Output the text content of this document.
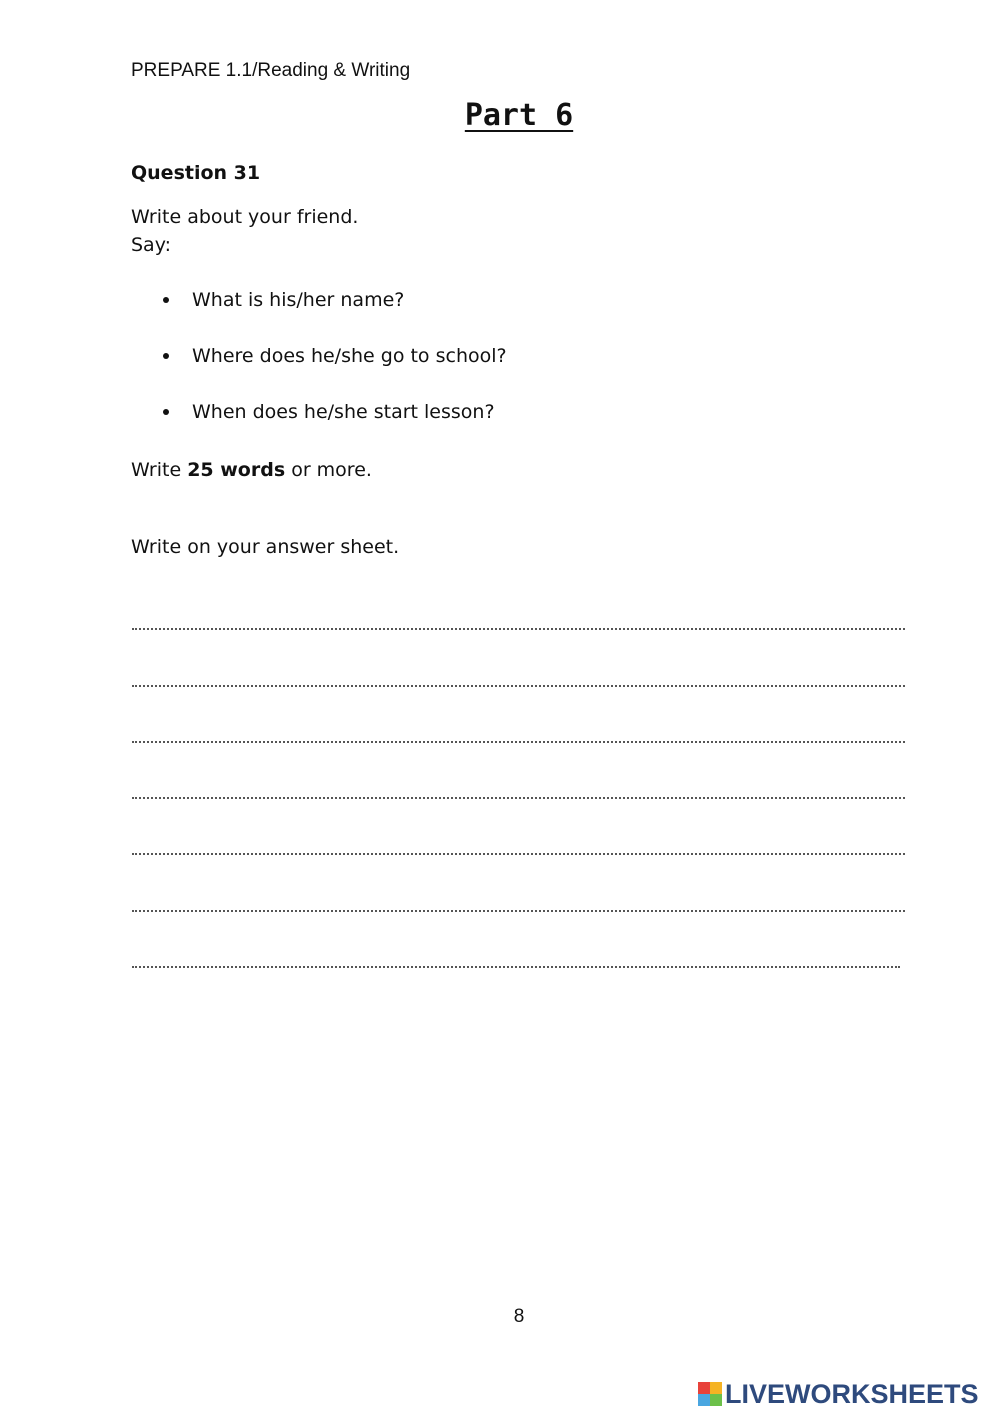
PREPARE 1.1/Reading & Writing
Part 6
Question 31
Write about your friend.
Say:
What is his/her name?
Where does he/she go to school?
When does he/she start lesson?
Write 25 words or more.
Write on your answer sheet.
8
LIVEWORKSHEETS
